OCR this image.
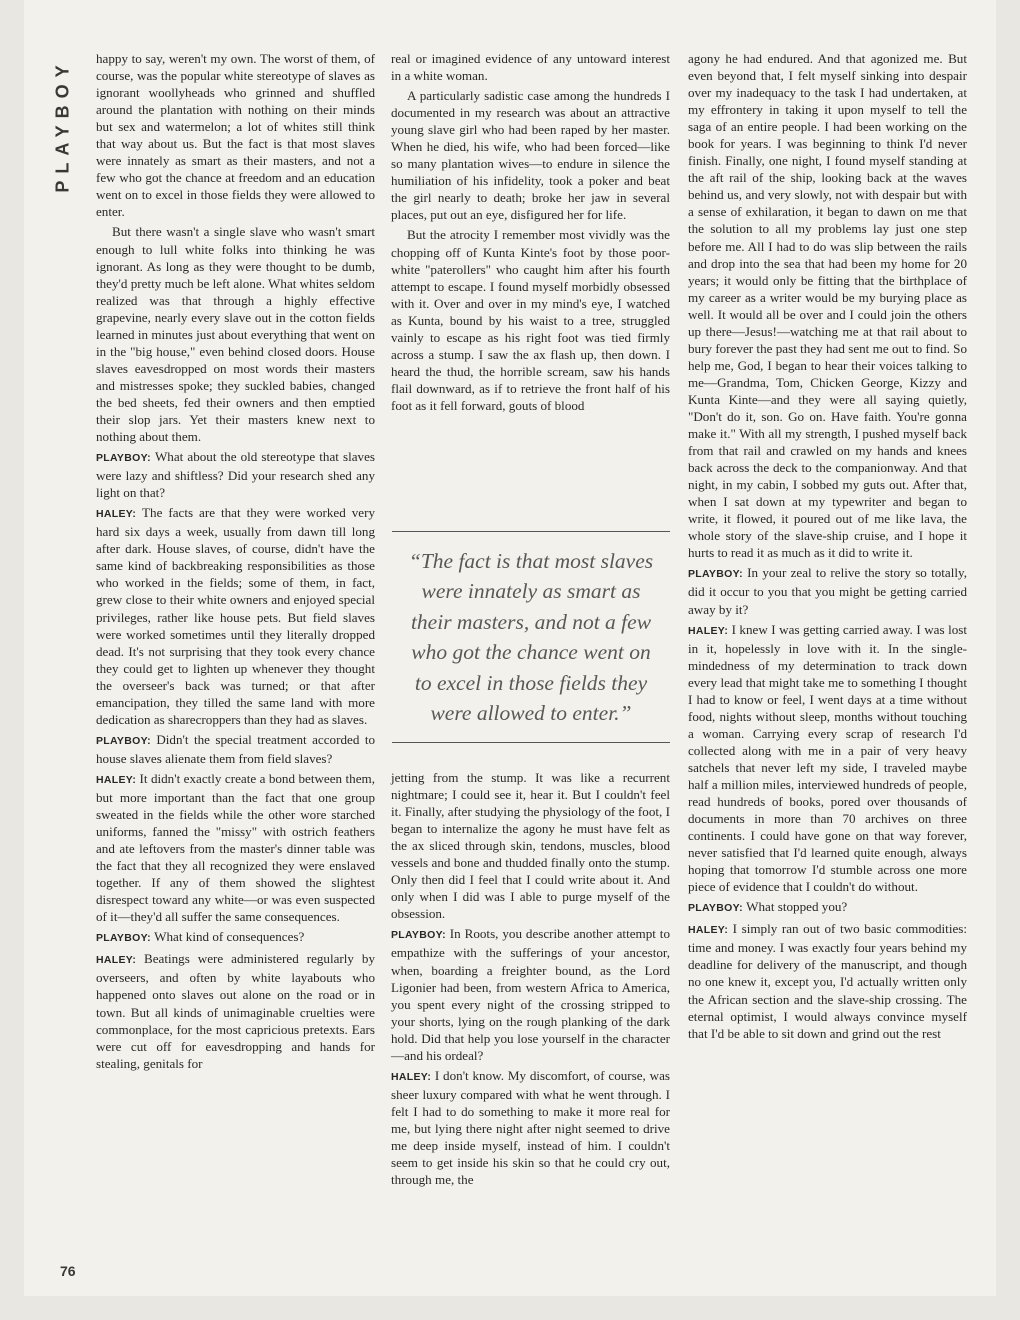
PLAYBOY happy to say, weren't my own. The worst of them, of course, was the popular white stereotype of slaves as ignorant woollyheads who grinned and shuffled around the plantation with nothing on their minds but sex and watermelon; a lot of whites still think that way about us. But the fact is that most slaves were innately as smart as their masters, and not a few who got the chance at freedom and an education went on to excel in those fields they were allowed to enter.

But there wasn't a single slave who wasn't smart enough to lull white folks into thinking he was ignorant. As long as they were thought to be dumb, they'd pretty much be left alone. What whites seldom realized was that through a highly effective grapevine, nearly every slave out in the cotton fields learned in minutes just about everything that went on in the "big house," even behind closed doors. House slaves eavesdropped on most words their masters and mistresses spoke; they suckled babies, changed the bed sheets, fed their owners and then emptied their slop jars. Yet their masters knew next to nothing about them.

PLAYBOY: What about the old stereotype that slaves were lazy and shiftless? Did your research shed any light on that?

HALEY: The facts are that they were worked very hard six days a week, usually from dawn till long after dark. House slaves, of course, didn't have the same kind of backbreaking responsibilities as those who worked in the fields; some of them, in fact, grew close to their white owners and enjoyed special privileges, rather like house pets. But field slaves were worked sometimes until they literally dropped dead. It's not surprising that they took every chance they could get to lighten up whenever they thought the overseer's back was turned; or that after emancipation, they tilled the same land with more dedication as sharecroppers than they had as slaves.

PLAYBOY: Didn't the special treatment accorded to house slaves alienate them from field slaves?

HALEY: It didn't exactly create a bond between them, but more important than the fact that one group sweated in the fields while the other wore starched uniforms, fanned the "missy" with ostrich feathers and ate leftovers from the master's dinner table was the fact that they all recognized they were enslaved together. If any of them showed the slightest disrespect toward any white—or was even suspected of it—they'd all suffer the same consequences.

PLAYBOY: What kind of consequences?

HALEY: Beatings were administered regularly by overseers, and often by white layabouts who happened onto slaves out alone on the road or in town. But all kinds of unimaginable cruelties were commonplace, for the most capricious pretexts. Ears were cut off for eavesdropping and hands for stealing, genitals for

real or imagined evidence of any untoward interest in a white woman.

A particularly sadistic case among the hundreds I documented in my research was about an attractive young slave girl who had been raped by her master. When he died, his wife, who had been forced—like so many plantation wives—to endure in silence the humiliation of his infidelity, took a poker and beat the girl nearly to death; broke her jaw in several places, put out an eye, disfigured her for life.

But the atrocity I remember most vividly was the chopping off of Kunta Kinte's foot by those poor-white "paterollers" who caught him after his fourth attempt to escape. I found myself morbidly obsessed with it. Over and over in my mind's eye, I watched as Kunta, bound by his waist to a tree, struggled vainly to escape as his right foot was tied firmly across a stump. I saw the ax flash up, then down. I heard the thud, the horrible scream, saw his hands flail downward, as if to retrieve the front half of his foot as it fell forward, gouts of blood

“The fact is that most slaves were innately as smart as their masters, and not a few who got the chance went on to excel in those fields they were allowed to enter.”

jetting from the stump. It was like a recurrent nightmare; I could see it, hear it. But I couldn't feel it. Finally, after studying the physiology of the foot, I began to internalize the agony he must have felt as the ax sliced through skin, tendons, muscles, blood vessels and bone and thudded finally onto the stump. Only then did I feel that I could write about it. And only when I did was I able to purge myself of the obsession.

PLAYBOY: In Roots, you describe another attempt to empathize with the sufferings of your ancestor, when, boarding a freighter bound, as the Lord Ligonier had been, from western Africa to America, you spent every night of the crossing stripped to your shorts, lying on the rough planking of the dark hold. Did that help you lose yourself in the character—and his ordeal?

HALEY: I don't know. My discomfort, of course, was sheer luxury compared with what he went through. I felt I had to do something to make it more real for me, but lying there night after night seemed to drive me deep inside myself, instead of him. I couldn't seem to get inside his skin so that he could cry out, through me, the

agony he had endured. And that agonized me. But even beyond that, I felt myself sinking into despair over my inadequacy to the task I had undertaken, at my effrontery in taking it upon myself to tell the saga of an entire people. I had been working on the book for years. I was beginning to think I'd never finish. Finally, one night, I found myself standing at the aft rail of the ship, looking back at the waves behind us, and very slowly, not with despair but with a sense of exhilaration, it began to dawn on me that the solution to all my problems lay just one step before me. All I had to do was slip between the rails and drop into the sea that had been my home for 20 years; it would only be fitting that the birthplace of my career as a writer would be my burying place as well. It would all be over and I could join the others up there—Jesus!—watching me at that rail about to bury forever the past they had sent me out to find. So help me, God, I began to hear their voices talking to me—Grandma, Tom, Chicken George, Kizzy and Kunta Kinte—and they were all saying quietly, "Don't do it, son. Go on. Have faith. You're gonna make it." With all my strength, I pushed myself back from that rail and crawled on my hands and knees back across the deck to the companionway. And that night, in my cabin, I sobbed my guts out. After that, when I sat down at my typewriter and began to write, it flowed, it poured out of me like lava, the whole story of the slave-ship cruise, and I hope it hurts to read it as much as it did to write it.

PLAYBOY: In your zeal to relive the story so totally, did it occur to you that you might be getting carried away by it?

HALEY: I knew I was getting carried away. I was lost in it, hopelessly in love with it. In the single-mindedness of my determination to track down every lead that might take me to something I thought I had to know or feel, I went days at a time without food, nights without sleep, months without touching a woman. Carrying every scrap of research I'd collected along with me in a pair of very heavy satchels that never left my side, I traveled maybe half a million miles, interviewed hundreds of people, read hundreds of books, pored over thousands of documents in more than 70 archives on three continents. I could have gone on that way forever, never satisfied that I'd learned quite enough, always hoping that tomorrow I'd stumble across one more piece of evidence that I couldn't do without.

PLAYBOY: What stopped you?

HALEY: I simply ran out of two basic commodities: time and money. I was exactly four years behind my deadline for delivery of the manuscript, and though no one knew it, except you, I'd actually written only the African section and the slave-ship crossing. The eternal optimist, I would always convince myself that I'd be able to sit down and grind out the rest

76
